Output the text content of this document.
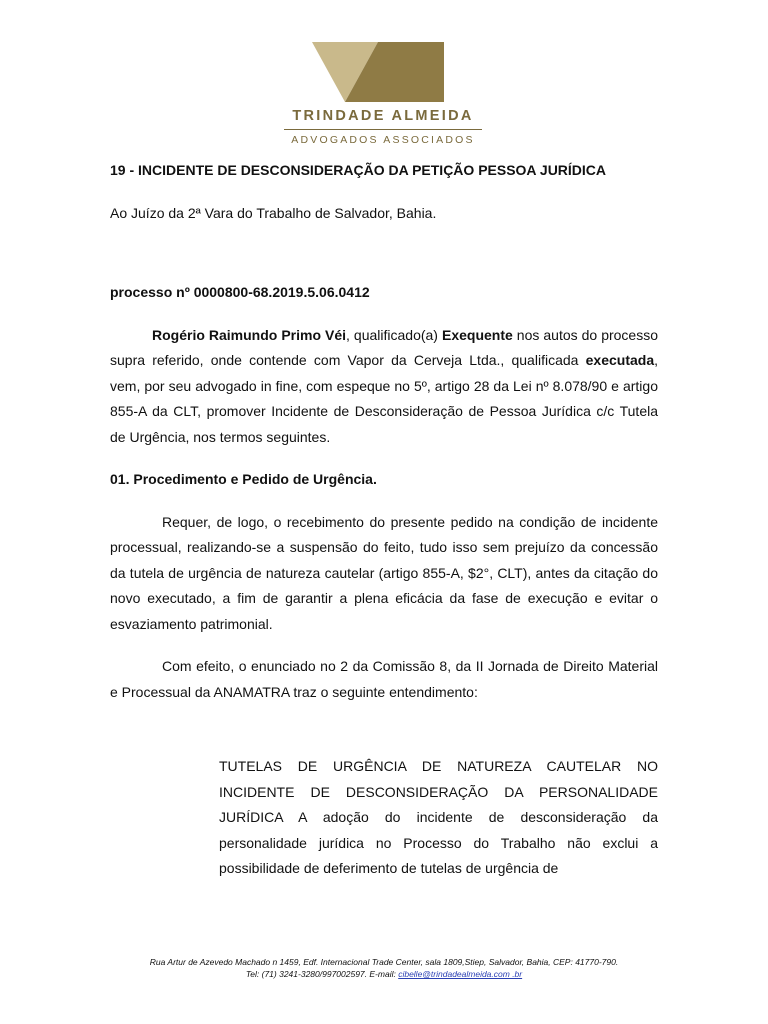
TRINDADE ALMEIDA
ADVOGADOS ASSOCIADOS

19 - INCIDENTE DE DESCONSIDERAÇÃO DA PETIÇÃO PESSOA JURÍDICA

Ao Juízo da 2ª Vara do Trabalho de Salvador, Bahia.

processo nº 0000800-68.2019.5.06.0412

Rogério Raimundo Primo Véi, qualificado(a) Exequente nos autos do processo supra referido, onde contende com Vapor da Cerveja Ltda., qualificada executada, vem, por seu advogado in fine, com espeque no 5º, artigo 28 da Lei nº 8.078/90 e artigo 855-A da CLT, promover Incidente de Desconsideração de Pessoa Jurídica c/c Tutela de Urgência, nos termos seguintes.

01. Procedimento e Pedido de Urgência.

Requer, de logo, o recebimento do presente pedido na condição de incidente processual, realizando-se a suspensão do feito, tudo isso sem prejuízo da concessão da tutela de urgência de natureza cautelar (artigo 855-A, $2°, CLT), antes da citação do novo executado, a fim de garantir a plena eficácia da fase de execução e evitar o esvaziamento patrimonial.

Com efeito, o enunciado no 2 da Comissão 8, da II Jornada de Direito Material e Processual da ANAMATRA traz o seguinte entendimento:

TUTELAS DE URGÊNCIA DE NATUREZA CAUTELAR NO INCIDENTE DE DESCONSIDERAÇÃO DA PERSONALIDADE JURÍDICA A adoção do incidente de desconsideração da personalidade jurídica no Processo do Trabalho não exclui a possibilidade de deferimento de tutelas de urgência de

Rua Artur de Azevedo Machado n 1459, Edf. Internacional Trade Center, sala 1809,Stiep, Salvador, Bahia, CEP: 41770-790.
Tel: (71) 3241-3280/997002597. E-mail: cibelle@trindadealmeida.com .br
